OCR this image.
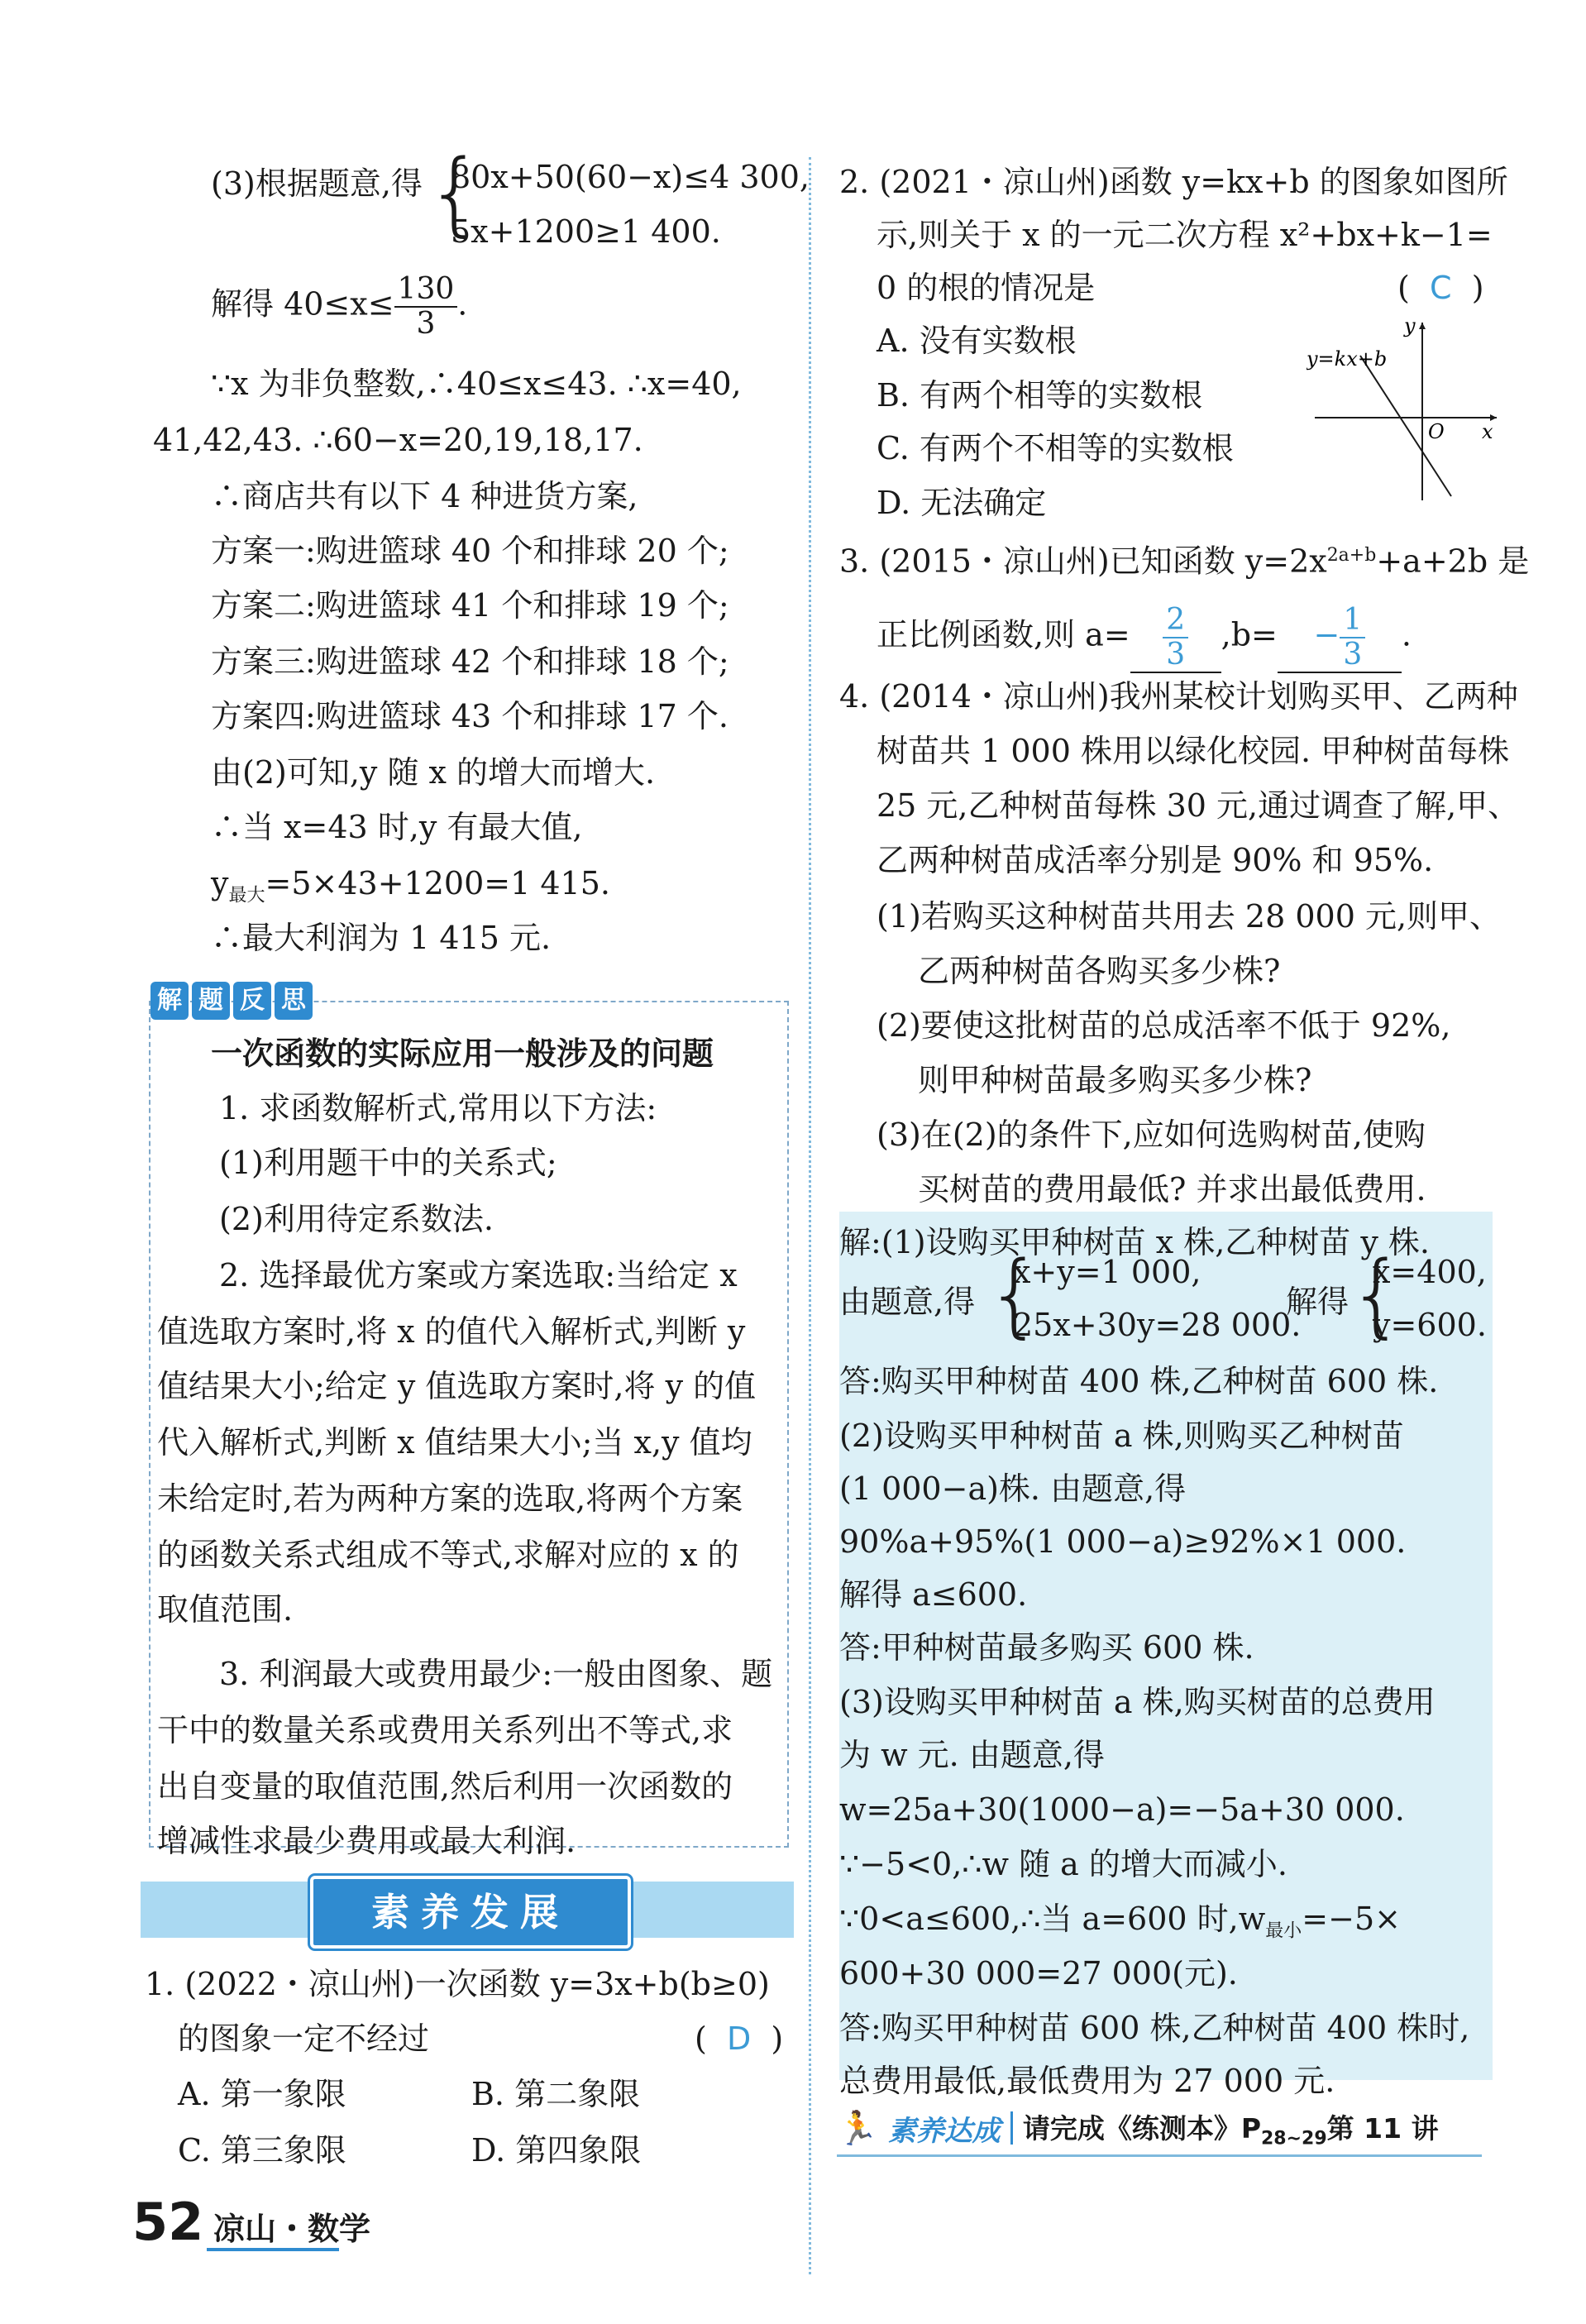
(3)根据题意,得 {
80x+50(60−x)≤4 300,
5x+1200≥1 400.
解得 $40\le x\le \frac{130}{3}$ .
∵x 为非负整数,∴40≤x≤43. ∴x=40,
41,42,43. ∴60−x=20,19,18,17.
∴商店共有以下 4 种进货方案,
方案一:购进篮球 40 个和排球 20 个;
方案二:购进篮球 41 个和排球 19 个;
方案三:购进篮球 42 个和排球 18 个;
方案四:购进篮球 43 个和排球 17 个.
由(2)可知,y 随 x 的增大而增大.
∴当 x=43 时,y 有最大值,
$y_{最大}=5\times 43+1200=1$ 415.
∴最大利润为 1 415 元.
解 题 反 思
一次函数的实际应用一般涉及的问题
1. 求函数解析式,常用以下方法:
(1)利用题干中的关系式;
(2)利用待定系数法.
2. 选择最优方案或方案选取:当给定 x
值选取方案时,将 x 的值代入解析式,判断 y
值结果大小;给定 y 值选取方案时,将 y 的值
代入解析式,判断 x 值结果大小;当 x,y 值均
未给定时,若为两种方案的选取,将两个方案
的函数关系式组成不等式,求解对应的 x 的
取值范围.
3. 利润最大或费用最少:一般由图象、题
干中的数量关系或费用关系列出不等式,求
出自变量的取值范围,然后利用一次函数的
增减性求最少费用或最大利润.
素养发展
1. (2022・凉山州)一次函数 y=3x+b(b≥0)
的图象一定不经过	(  D  )
A. 第一象限	B. 第二象限
C. 第三象限	D. 第四象限
2. (2021・凉山州)函数 y=kx+b 的图象如图所
示,则关于 x 的一元二次方程 x²+bx+k−1=
0 的根的情况是	(  C  )
A. 没有实数根
B. 有两个相等的实数根
C. 有两个不相等的实数根
D. 无法确定
y=kx+b
y
x
O
3. (2015・凉山州)已知函数 $y=2x^{2a+b}+a+2b$ 是
正比例函数,则 $a= \frac{2}{3} ,b= - \frac{1}{3}$ .
4. (2014・凉山州)我州某校计划购买甲、乙两种
树苗共 1 000 株用以绿化校园. 甲种树苗每株
25 元,乙种树苗每株 30 元,通过调查了解,甲、
乙两种树苗成活率分别是 90% 和 95%.
(1)若购买这种树苗共用去 28 000 元,则甲、
乙两种树苗各购买多少株?
(2)要使这批树苗的总成活率不低于 92%,
则甲种树苗最多购买多少株?
(3)在(2)的条件下,应如何选购树苗,使购
买树苗的费用最低? 并求出最低费用.
解:(1)设购买甲种树苗 x 株,乙种树苗 y 株.
由题意,得 {
x+y=1 000,
25x+30y=28 000.
解得
{
x=400,
y=600.
答:购买甲种树苗 400 株,乙种树苗 600 株.
(2)设购买甲种树苗 a 株,则购买乙种树苗
(1 000−a)株. 由题意,得
90%a+95%(1 000−a)≥92%×1 000.
解得 a≤600.
答:甲种树苗最多购买 600 株.
(3)设购买甲种树苗 a 株,购买树苗的总费用
为 w 元. 由题意,得
w=25a+30(1000−a)=−5a+30 000.
∵−5<0,∴w 随 a 的增大而减小.
∵0<a≤600,∴当 a=600 时$,w_{最小}=-5\times$
600+30 000=27 000(元).
答:购买甲种树苗 600 株,乙种树苗 400 株时,
总费用最低,最低费用为 27 000 元.
🏃 素养达成 请完成《练测本》$P_{28\sim 29}$第 11 讲
52 凉山・数学
